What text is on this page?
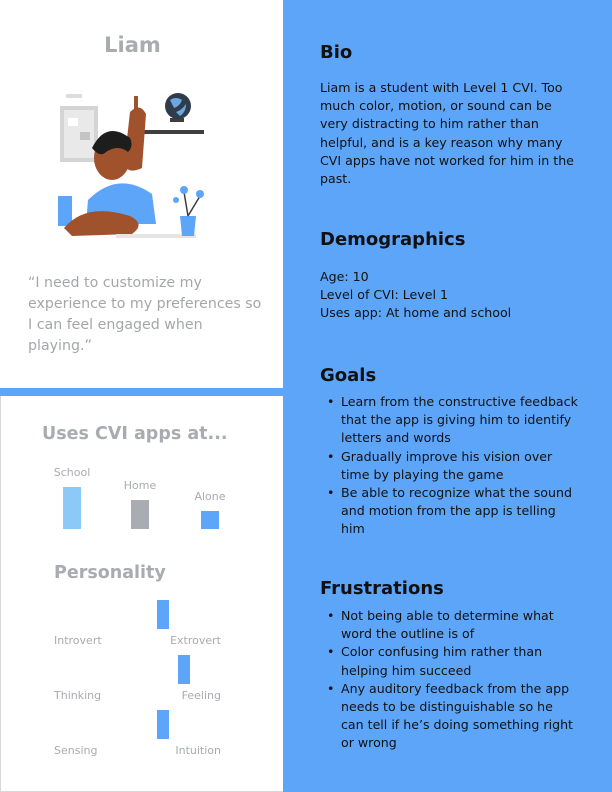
Liam
“I need to customize my experience to my preferences so I can feel engaged when playing.”
Uses CVI apps at...
School
Home
Alone
Personality
Introvert	Extrovert
Thinking	Feeling
Sensing	Intuition
Bio
Liam is a student with Level 1 CVI. Too much color, motion, or sound can be very distracting to him rather than helpful, and is a key reason why many CVI apps have not worked for him in the past.
Demographics
Age: 10
Level of CVI: Level 1
Uses app: At home and school
Goals
• Learn from the constructive feedback that the app is giving him to identify letters and words
• Gradually improve his vision over time by playing the game
• Be able to recognize what the sound and motion from the app is telling him
Frustrations
• Not being able to determine what word the outline is of
• Color confusing him rather than helping him succeed
• Any auditory feedback from the app needs to be distinguishable so he can tell if he’s doing something right or wrong
